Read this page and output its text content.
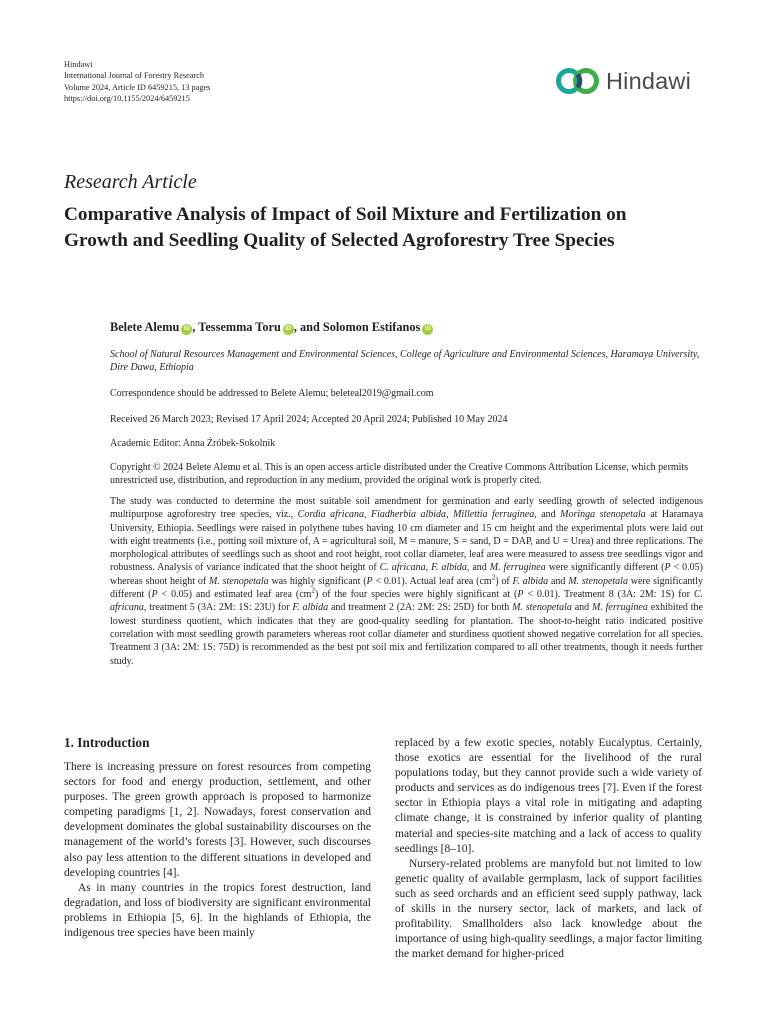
Hindawi
International Journal of Forestry Research
Volume 2024, Article ID 6459215, 13 pages
https://doi.org/10.1155/2024/6459215
Hindawi
Research Article
Comparative Analysis of Impact of Soil Mixture and Fertilization on Growth and Seedling Quality of Selected Agroforestry Tree Species
Belete Alemu iD , Tessemma Toru iD , and Solomon Estifanos iD
School of Natural Resources Management and Environmental Sciences, College of Agriculture and Environmental Sciences, Haramaya University, Dire Dawa, Ethiopia
Correspondence should be addressed to Belete Alemu; beleteal2019@gmail.com
Received 26 March 2023; Revised 17 April 2024; Accepted 20 April 2024; Published 10 May 2024
Academic Editor: Anna Źróbek-Sokolnik
Copyright © 2024 Belete Alemu et al. This is an open access article distributed under the Creative Commons Attribution License, which permits unrestricted use, distribution, and reproduction in any medium, provided the original work is properly cited.

The study was conducted to determine the most suitable soil amendment for germination and early seedling growth of selected indigenous multipurpose agroforestry tree species, viz., Cordia africana, Fiadherbia albida, Millettia ferruginea, and Moringa stenopetala at Haramaya University, Ethiopia. Seedlings were raised in polythene tubes having 10 cm diameter and 15 cm height and the experimental plots were laid out with eight treatments (i.e., potting soil mixture of, A = agricultural soil, M = manure, S = sand, D = DAP, and U = Urea) and three replications. The morphological attributes of seedlings such as shoot and root height, root collar diameter, leaf area were measured to assess tree seedlings vigor and robustness. Analysis of variance indicated that the shoot height of C. africana, F. albida, and M. ferruginea were significantly different (P < 0.05) whereas shoot height of M. stenopetala was highly significant (P < 0.01). Actual leaf area $(cm^2)$ of F. albida and M. stenopetala were significantly different (P < 0.05) and estimated leaf area $(cm^2)$ of the four species were highly significant at (P < 0.01). Treatment 8 (3A: 2M: 1S) for C. africana, treatment 5 (3A: 2M: 1S: 23U) for F. albida and treatment 2 (2A: 2M: 2S: 25D) for both M. stenopetala and M. ferruginea exhibited the lowest sturdiness quotient, which indicates that they are good-quality seedling for plantation. The shoot-to-height ratio indicated positive correlation with most seedling growth parameters whereas root collar diameter and sturdiness quotient showed negative correlation for all species. Treatment 3 (3A: 2M: 1S: 75D) is recommended as the best pot soil mix and fertilization compared to all other treatments, though it needs further study.

1. Introduction

There is increasing pressure on forest resources from competing sectors for food and energy production, settlement, and other purposes. The green growth approach is proposed to harmonize competing paradigms [1, 2]. Nowadays, forest conservation and development dominates the global sustainability discourses on the management of the world’s forests [3]. However, such discourses also pay less attention to the different situations in developed and developing countries [4].

As in many countries in the tropics forest destruction, land degradation, and loss of biodiversity are significant environmental problems in Ethiopia [5, 6]. In the highlands of Ethiopia, the indigenous tree species have been mainly

replaced by a few exotic species, notably Eucalyptus. Certainly, those exotics are essential for the livelihood of the rural populations today, but they cannot provide such a wide variety of products and services as do indigenous trees [7]. Even if the forest sector in Ethiopia plays a vital role in mitigating and adapting climate change, it is constrained by inferior quality of planting material and species-site matching and a lack of access to quality seedlings [8–10].

Nursery-related problems are manyfold but not limited to low genetic quality of available germplasm, lack of support facilities such as seed orchards and an efficient seed supply pathway, lack of skills in the nursery sector, lack of markets, and lack of profitability. Smallholders also lack knowledge about the importance of using high-quality seedlings, a major factor limiting the market demand for higher-priced
